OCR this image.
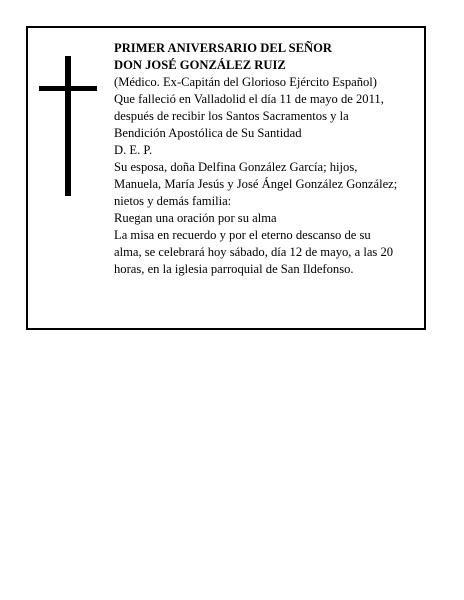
PRIMER ANIVERSARIO DEL SEÑOR
DON JOSÉ GONZÁLEZ RUIZ
(Médico. Ex-Capitán del Glorioso Ejército Español)
Que falleció en Valladolid el día 11 de mayo de 2011,
después de recibir los Santos Sacramentos y la
Bendición Apostólica de Su Santidad
D. E. P.
Su esposa, doña Delfina González García; hijos,
Manuela, María Jesús y José Ángel González González;
nietos y demás familia:
Ruegan una oración por su alma
La misa en recuerdo y por el eterno descanso de su
alma, se celebrará hoy sábado, día 12 de mayo, a las 20
horas, en la iglesia parroquial de San Ildefonso.
